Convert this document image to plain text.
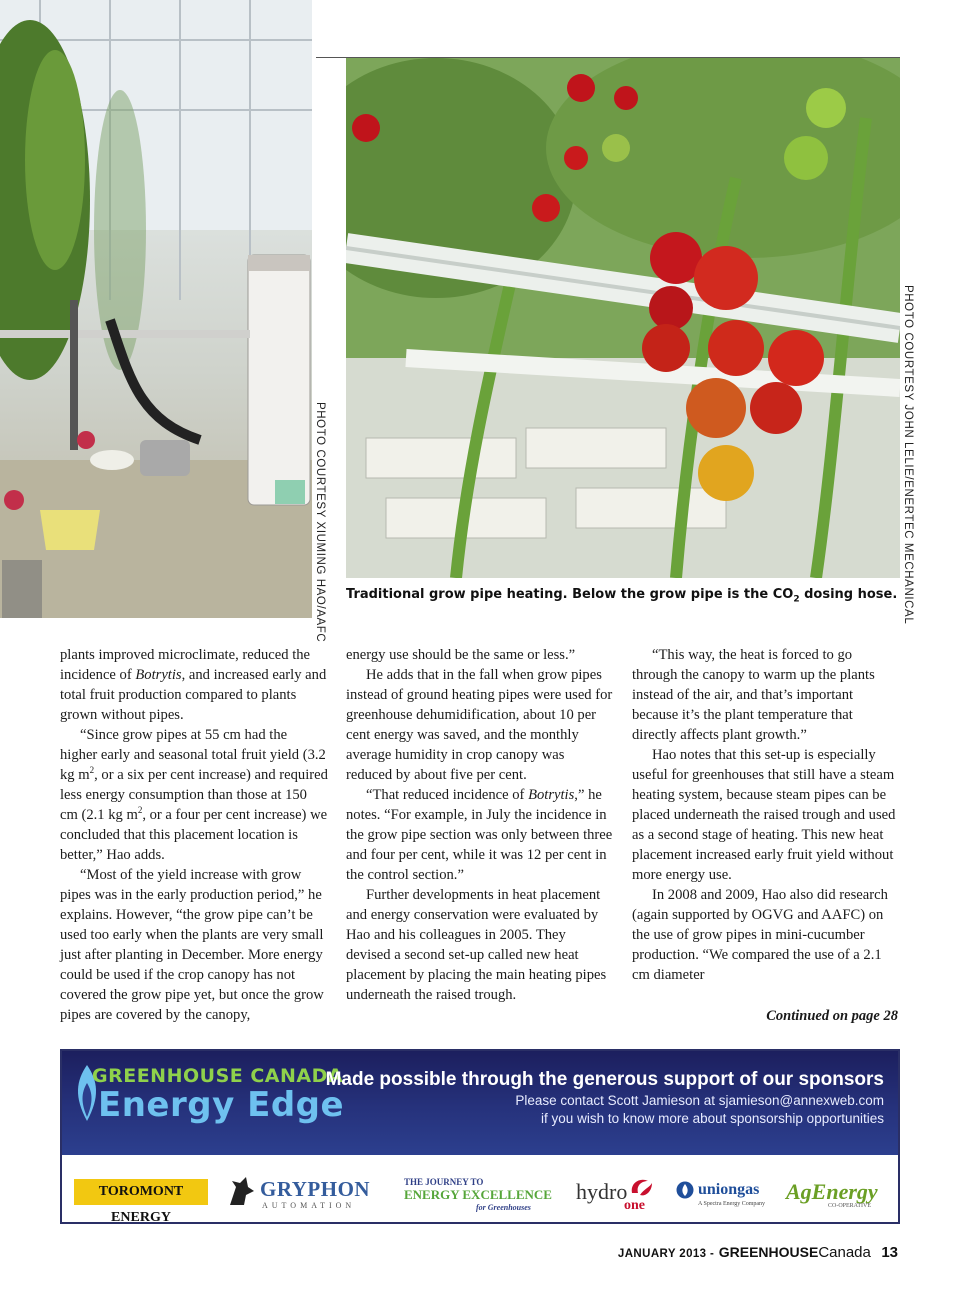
PHOTO COURTESY XIUMING HAO/AAFC	PHOTO COURTESY JOHN LELIE/ENERTEC MECHANICAL
Traditional grow pipe heating. Below the grow pipe is the $CO_2$ dosing hose.

plants improved microclimate, reduced the incidence of Botrytis, and increased early and total fruit production compared to plants grown without pipes.

“Since grow pipes at 55 cm had the higher early and seasonal total fruit yield (3.2 kg $m^2$, or a six per cent increase) and required less energy consumption than those at 150 cm (2.1 kg $m^2$, or a four per cent increase) we concluded that this placement location is better,” Hao adds.

“Most of the yield increase with grow pipes was in the early production period,” he explains. However, “the grow pipe can’t be used too early when the plants are very small just after planting in December. More energy could be used if the crop canopy has not covered the grow pipe yet, but once the grow pipes are covered by the canopy,

energy use should be the same or less.”

He adds that in the fall when grow pipes instead of ground heating pipes were used for greenhouse dehumidification, about 10 per cent energy was saved, and the monthly average humidity in crop canopy was reduced by about five per cent.

“That reduced incidence of Botrytis,” he notes. “For example, in July the incidence in the grow pipe section was only between three and four per cent, while it was 12 per cent in the control section.”

Further developments in heat placement and energy conservation were evaluated by Hao and his colleagues in 2005. They devised a second set-up called new heat placement by placing the main heating pipes underneath the raised trough.

“This way, the heat is forced to go through the canopy to warm up the plants instead of the air, and that’s important because it’s the plant temperature that directly affects plant growth.”

Hao notes that this set-up is especially useful for greenhouses that still have a steam heating system, because steam pipes can be placed underneath the raised trough and used as a second stage of heating. This new heat placement increased early fruit yield without more energy use.

In 2008 and 2009, Hao also did research (again supported by OGVG and AAFC) on the use of grow pipes in mini-cucumber production. “We compared the use of a 2.1 cm diameter

Continued on page 28
GREENHOUSE CANADA
Energy Edge
Made possible through the generous support of our sponsors
Please contact Scott Jamieson at sjamieson@annexweb.com
if you wish to know more about sponsorship opportunities
TOROMONT ENERGY
GRYPHON
AUTOMATION
THE JOURNEY TO
ENERGY EXCELLENCE
for Greenhouses
hydro
one
uniongas
A Spectra Energy Company AgEnergy
CO-OPERATIVE
JANUARY 2013 - GREENHOUSECanada 13
